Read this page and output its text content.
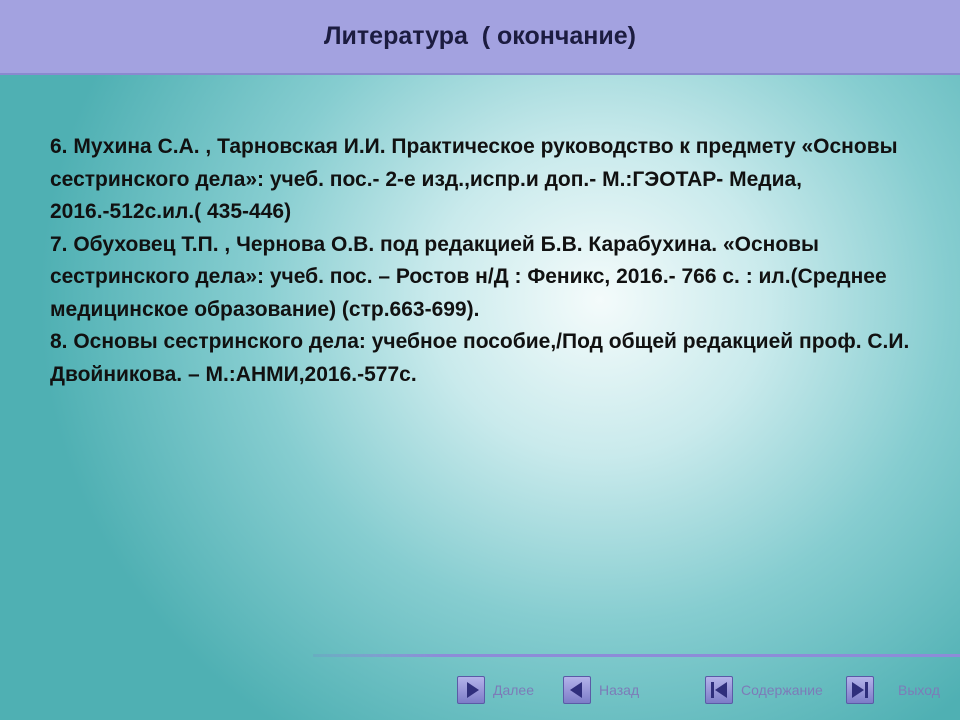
Литература  ( окончание)
6. Мухина С.А. , Тарновская И.И. Практическое руководство к предмету «Основы сестринского дела»: учеб. пос.- 2-е изд.,испр.и доп.- М.:ГЭОТАР- Медиа, 2016.-512с.ил.( 435-446)
7. Обуховец Т.П. , Чернова О.В. под редакцией Б.В. Карабухина. «Основы сестринского дела»: учеб. пос. – Ростов н/Д : Феникс, 2016.- 766 с. : ил.(Среднее медицинское образование) (стр.663-699).
8. Основы сестринского дела: учебное пособие,/Под общей редакцией проф. С.И. Двойникова. – М.:АНМИ,2016.-577с.
Далее	Назад	Содержание	Выход
